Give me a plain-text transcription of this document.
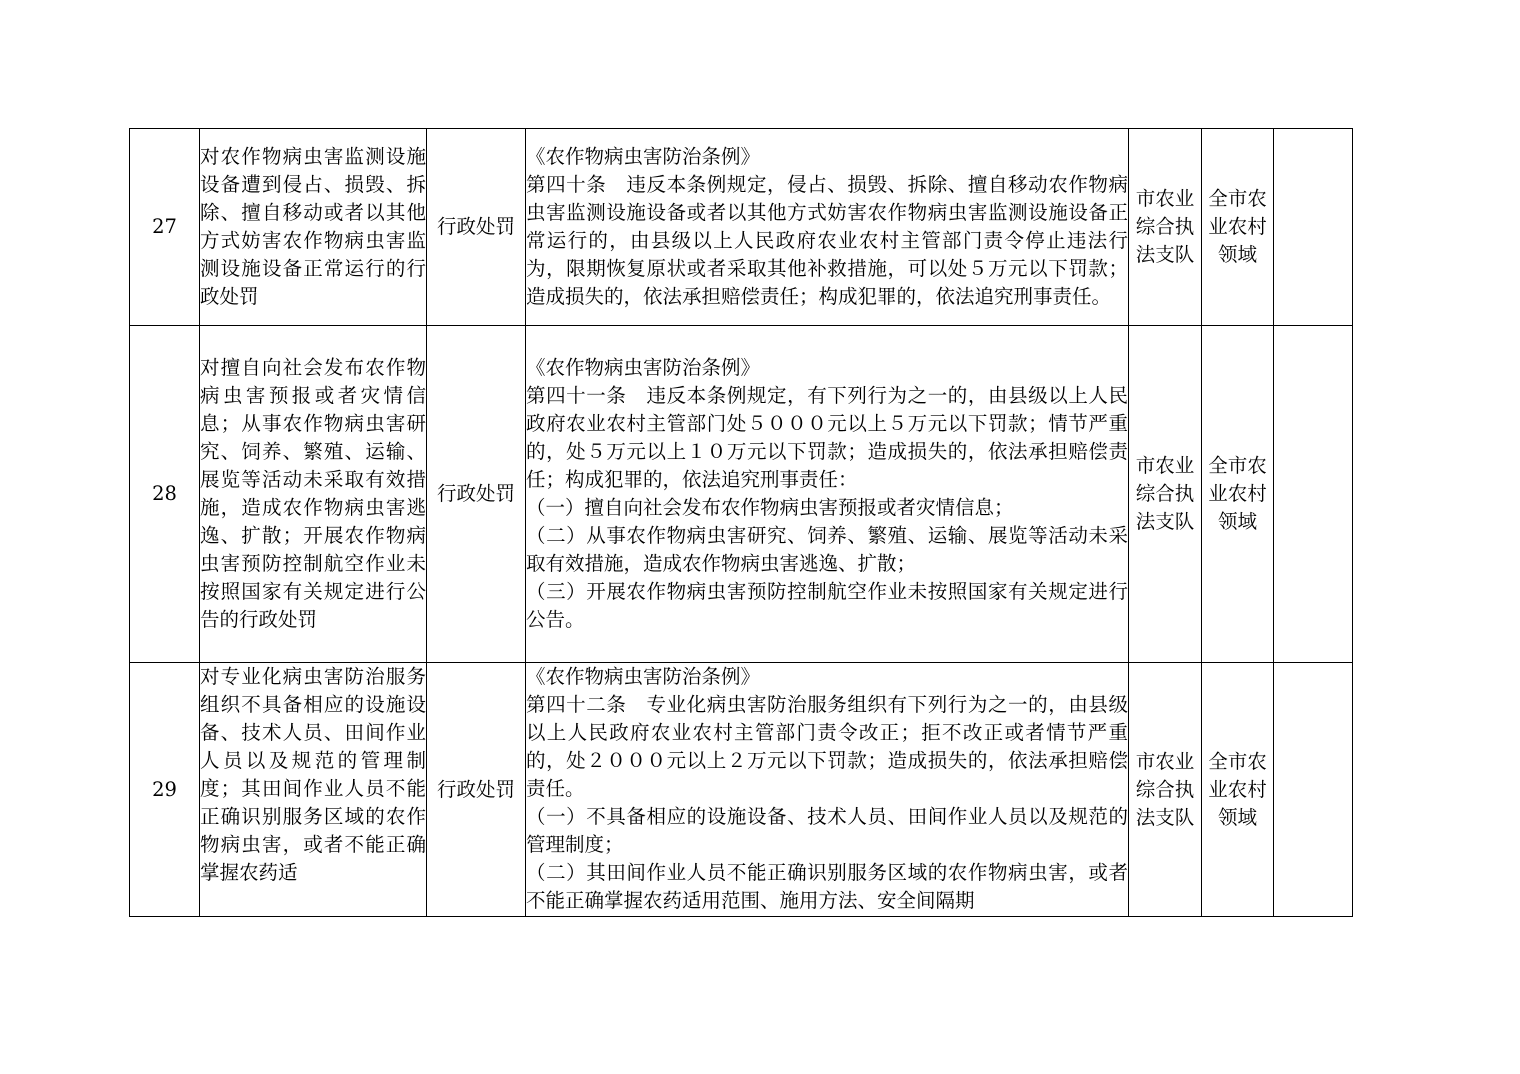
27	对农作物病虫害监测设施设备遭到侵占、损毁、拆除、擅自移动或者以其他方式妨害农作物病虫害监测设施设备正常运行的行政处罚	行政处罚	《农作物病虫害防治条例》
第四十条　违反本条例规定，侵占、损毁、拆除、擅自移动农作物病虫害监测设施设备或者以其他方式妨害农作物病虫害监测设施设备正常运行的，由县级以上人民政府农业农村主管部门责令停止违法行为，限期恢复原状或者采取其他补救措施，可以处５万元以下罚款；造成损失的，依法承担赔偿责任；构成犯罪的，依法追究刑事责任。	市农业综合执法支队	全市农业农村领域	
28	对擅自向社会发布农作物病虫害预报或者灾情信息；从事农作物病虫害研究、饲养、繁殖、运输、展览等活动未采取有效措施，造成农作物病虫害逃逸、扩散；开展农作物病虫害预防控制航空作业未按照国家有关规定进行公告的行政处罚	行政处罚	《农作物病虫害防治条例》
第四十一条　违反本条例规定，有下列行为之一的，由县级以上人民政府农业农村主管部门处５０００元以上５万元以下罚款；情节严重的，处５万元以上１０万元以下罚款；造成损失的，依法承担赔偿责任；构成犯罪的，依法追究刑事责任：
（一）擅自向社会发布农作物病虫害预报或者灾情信息；
（二）从事农作物病虫害研究、饲养、繁殖、运输、展览等活动未采取有效措施，造成农作物病虫害逃逸、扩散；
（三）开展农作物病虫害预防控制航空作业未按照国家有关规定进行公告。	市农业综合执法支队	全市农业农村领域	
29	对专业化病虫害防治服务组织不具备相应的设施设备、技术人员、田间作业人员以及规范的管理制度；其田间作业人员不能正确识别服务区域的农作物病虫害，或者不能正确掌握农药适	行政处罚	《农作物病虫害防治条例》
第四十二条　专业化病虫害防治服务组织有下列行为之一的，由县级以上人民政府农业农村主管部门责令改正；拒不改正或者情节严重的，处２０００元以上２万元以下罚款；造成损失的，依法承担赔偿责任。
（一）不具备相应的设施设备、技术人员、田间作业人员以及规范的管理制度；
（二）其田间作业人员不能正确识别服务区域的农作物病虫害，或者不能正确掌握农药适用范围、施用方法、安全间隔期	市农业综合执法支队	全市农业农村领域	
